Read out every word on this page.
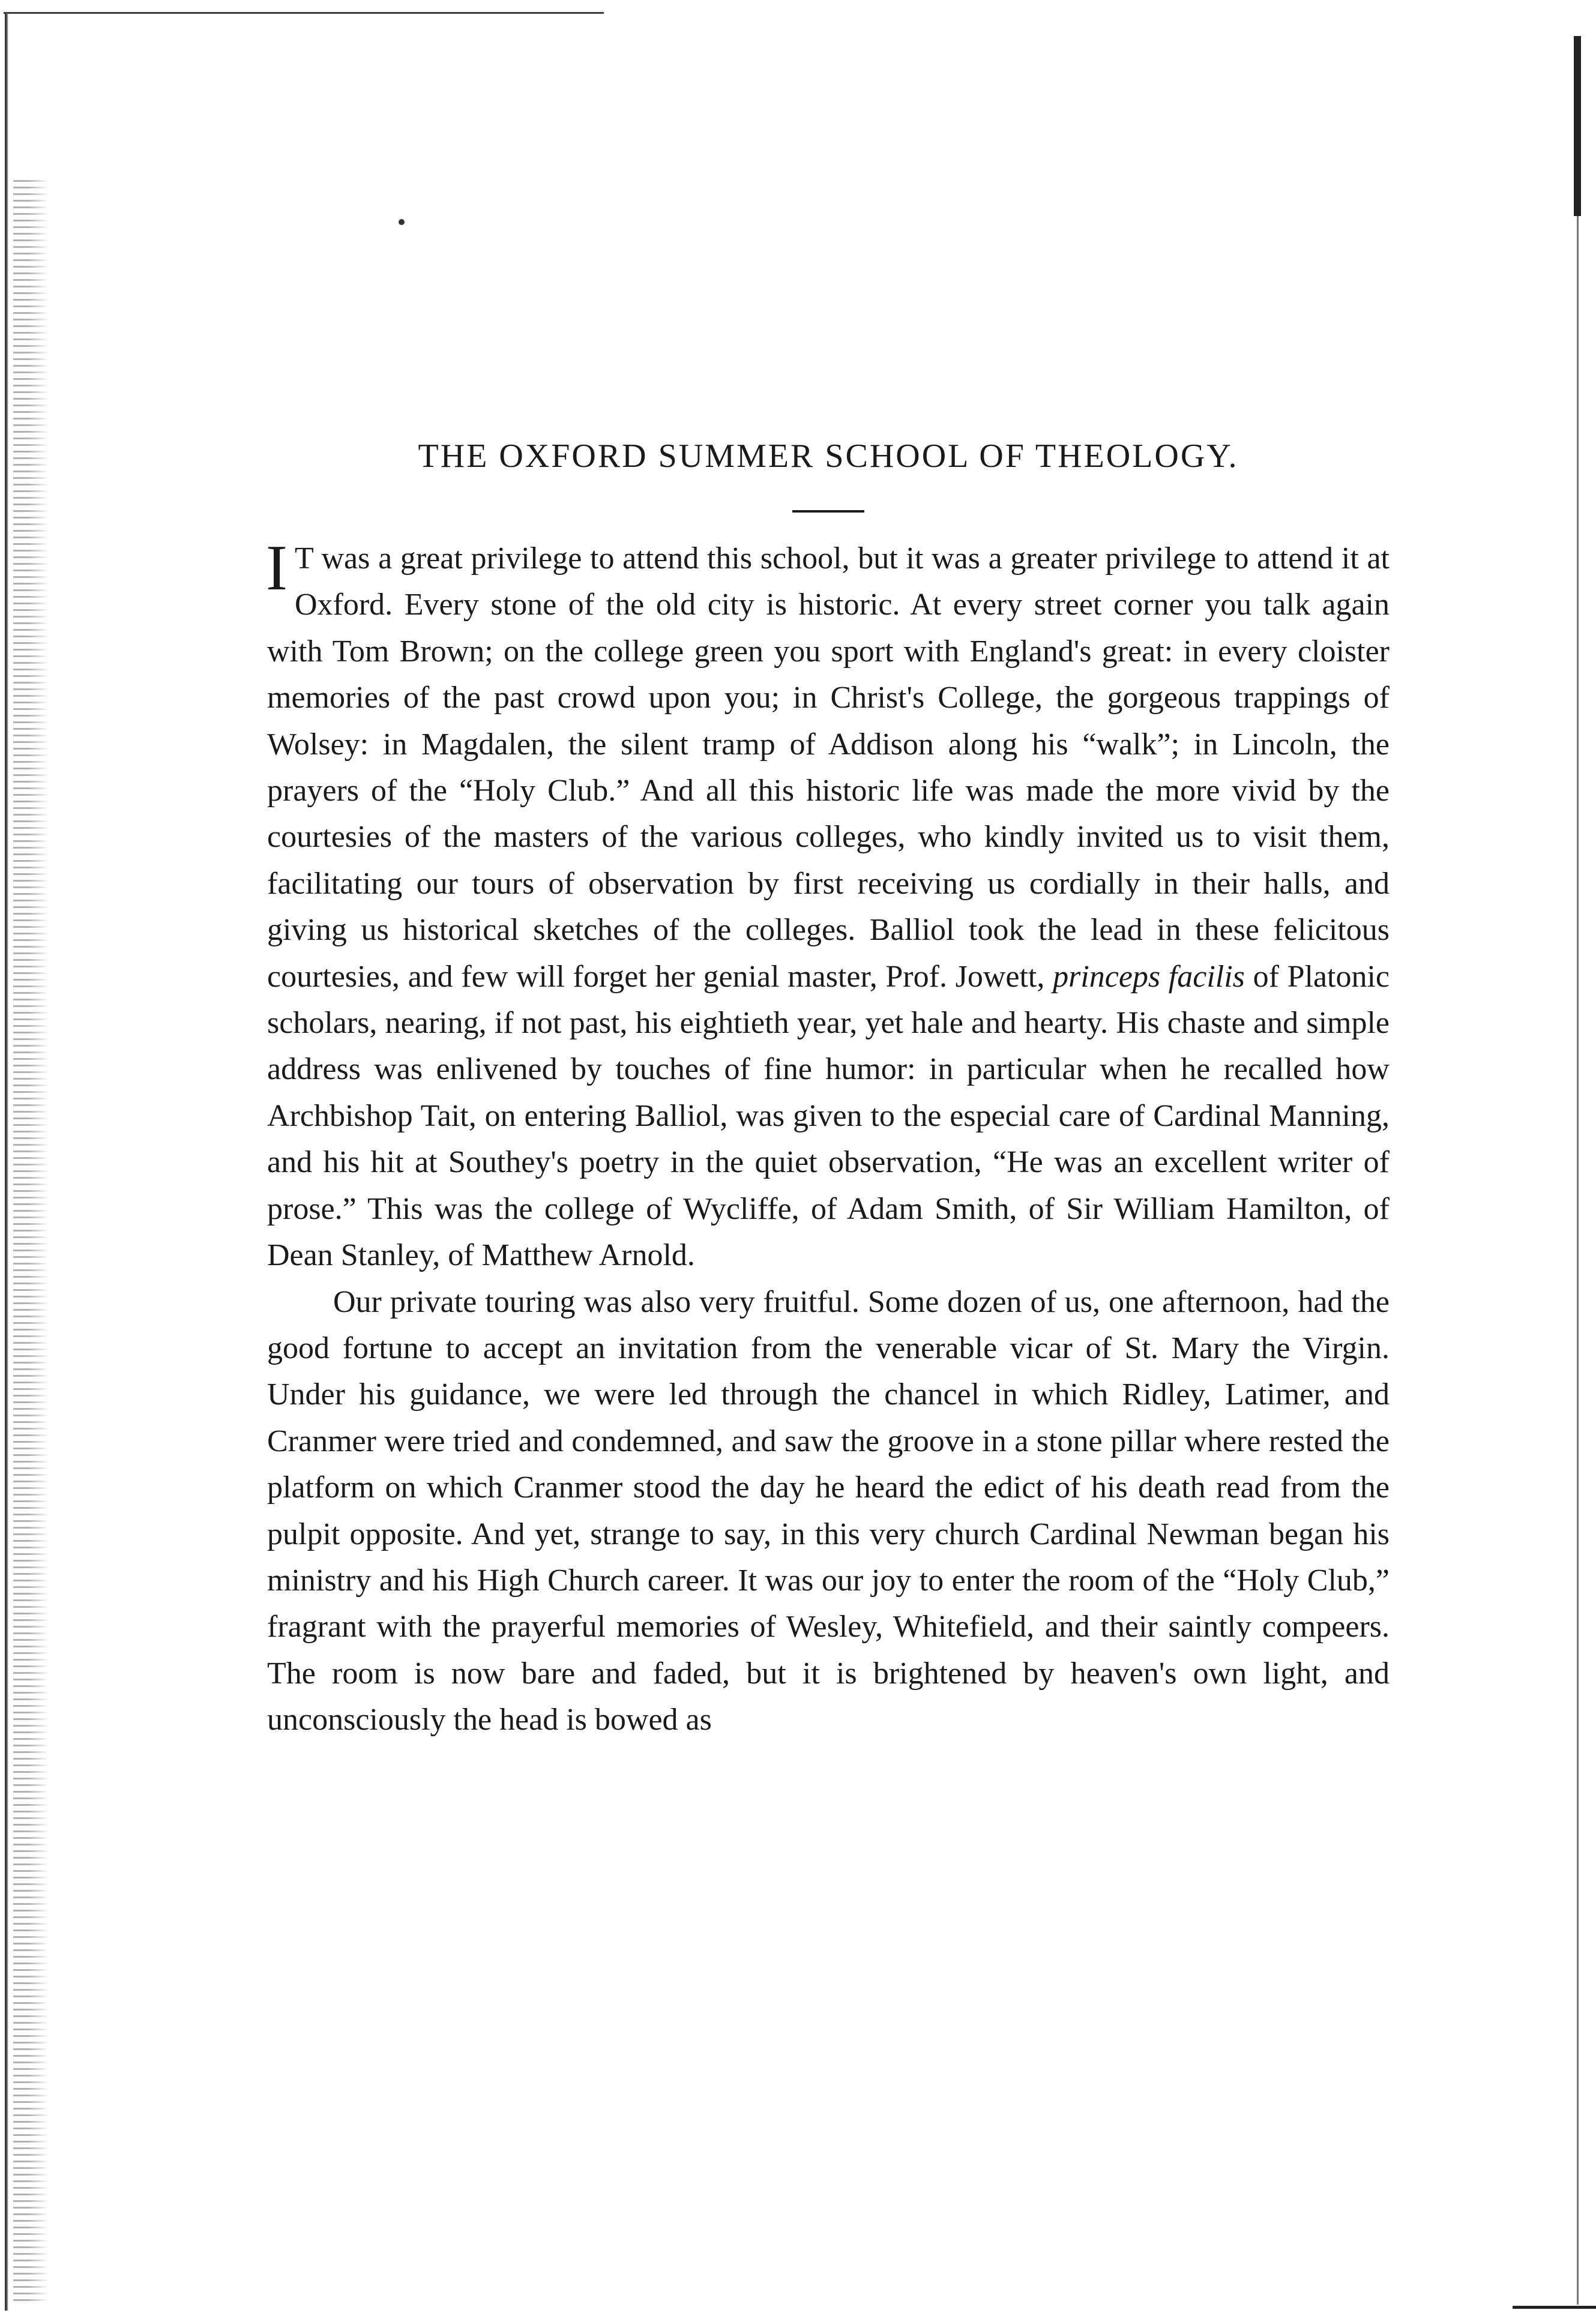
THE OXFORD SUMMER SCHOOL OF THEOLOGY.

I T was a great privilege to attend this school, but it was a greater privilege to attend it at Oxford. Every stone of the old city is historic. At every street corner you talk again with Tom Brown; on the college green you sport with England's great: in every cloister memories of the past crowd upon you; in Christ's College, the gorgeous trappings of Wolsey: in Magdalen, the silent tramp of Addison along his “walk”; in Lincoln, the prayers of the “Holy Club.” And all this historic life was made the more vivid by the courtesies of the masters of the various colleges, who kindly invited us to visit them, facilitating our tours of observation by first receiving us cordially in their halls, and giving us historical sketches of the colleges. Balliol took the lead in these felicitous courtesies, and few will forget her genial master, Prof. Jowett, princeps facilis of Platonic scholars, nearing, if not past, his eightieth year, yet hale and hearty. His chaste and simple address was enlivened by touches of fine humor: in particular when he recalled how Archbishop Tait, on entering Balliol, was given to the especial care of Cardinal Manning, and his hit at Southey's poetry in the quiet observation, “He was an excellent writer of prose.” This was the college of Wycliffe, of Adam Smith, of Sir William Hamilton, of Dean Stanley, of Matthew Arnold.

Our private touring was also very fruitful. Some dozen of us, one afternoon, had the good fortune to accept an invitation from the venerable vicar of St. Mary the Virgin. Under his guidance, we were led through the chancel in which Ridley, Latimer, and Cranmer were tried and condemned, and saw the groove in a stone pillar where rested the platform on which Cranmer stood the day he heard the edict of his death read from the pulpit opposite. And yet, strange to say, in this very church Cardinal Newman began his ministry and his High Church career. It was our joy to enter the room of the “Holy Club,” fragrant with the prayerful memories of Wesley, Whitefield, and their saintly compeers. The room is now bare and faded, but it is brightened by heaven's own light, and unconsciously the head is bowed as
